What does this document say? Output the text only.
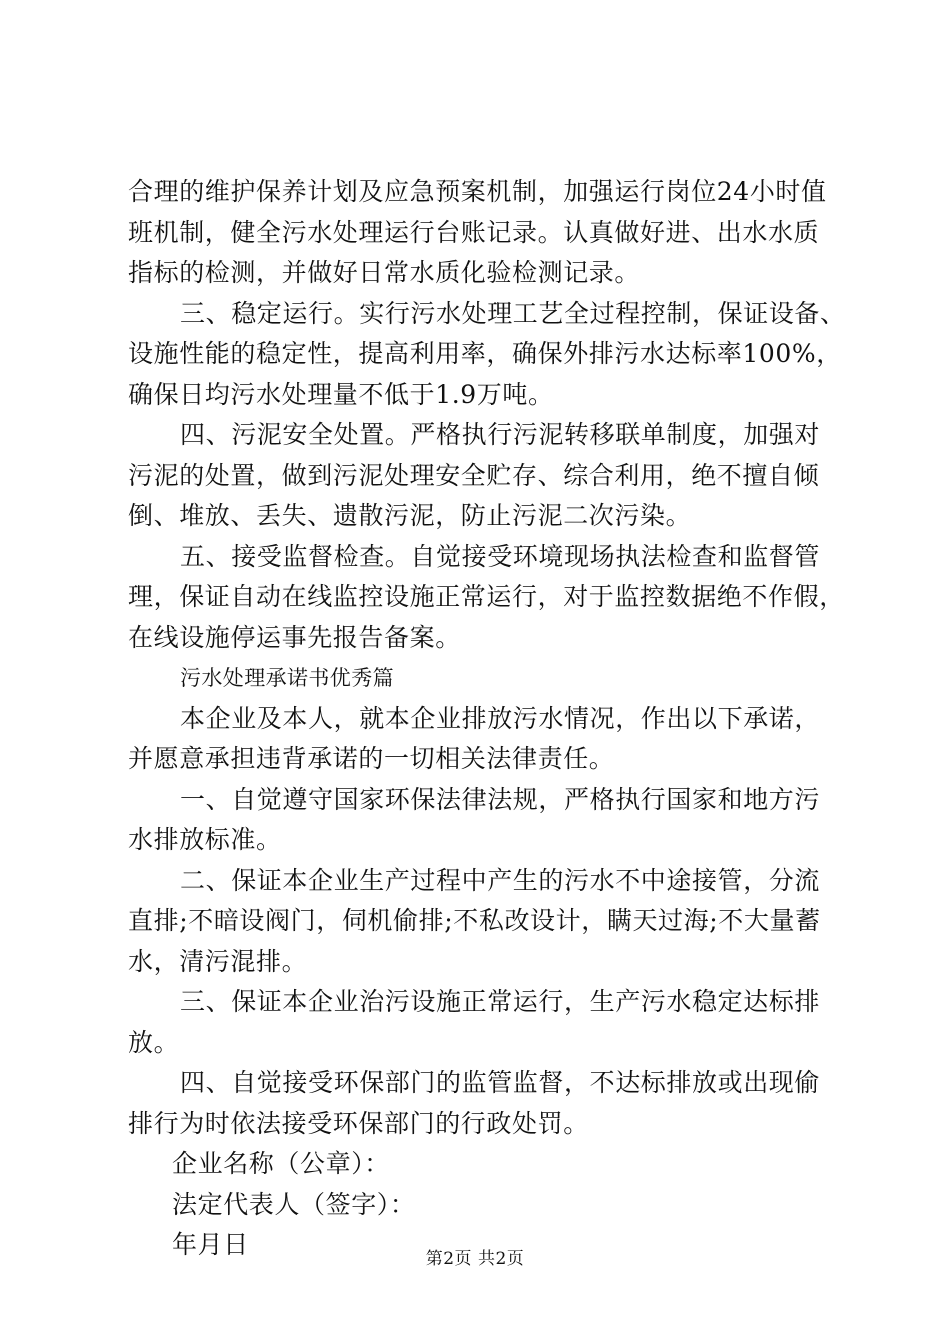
合理的维护保养计划及应急预案机制，加强运行岗位24小时值
班机制，健全污水处理运行台账记录。认真做好进、出水水质
指标的检测，并做好日常水质化验检测记录。
三、稳定运行。实行污水处理工艺全过程控制，保证设备、
设施性能的稳定性，提高利用率，确保外排污水达标率100%，
确保日均污水处理量不低于1.9万吨。
四、污泥安全处置。严格执行污泥转移联单制度，加强对
污泥的处置，做到污泥处理安全贮存、综合利用，绝不擅自倾
倒、堆放、丢失、遗散污泥，防止污泥二次污染。
五、接受监督检查。自觉接受环境现场执法检查和监督管
理，保证自动在线监控设施正常运行，对于监控数据绝不作假，
在线设施停运事先报告备案。
污水处理承诺书优秀篇
本企业及本人，就本企业排放污水情况，作出以下承诺，
并愿意承担违背承诺的一切相关法律责任。
一、自觉遵守国家环保法律法规，严格执行国家和地方污
水排放标准。
二、保证本企业生产过程中产生的污水不中途接管，分流
直排;不暗设阀门，伺机偷排;不私改设计，瞒天过海;不大量蓄
水，清污混排。
三、保证本企业治污设施正常运行，生产污水稳定达标排
放。
四、自觉接受环保部门的监管监督，不达标排放或出现偷
排行为时依法接受环保部门的行政处罚。
企业名称（公章）：
法定代表人（签字）：
年月日	第2页 共2页
